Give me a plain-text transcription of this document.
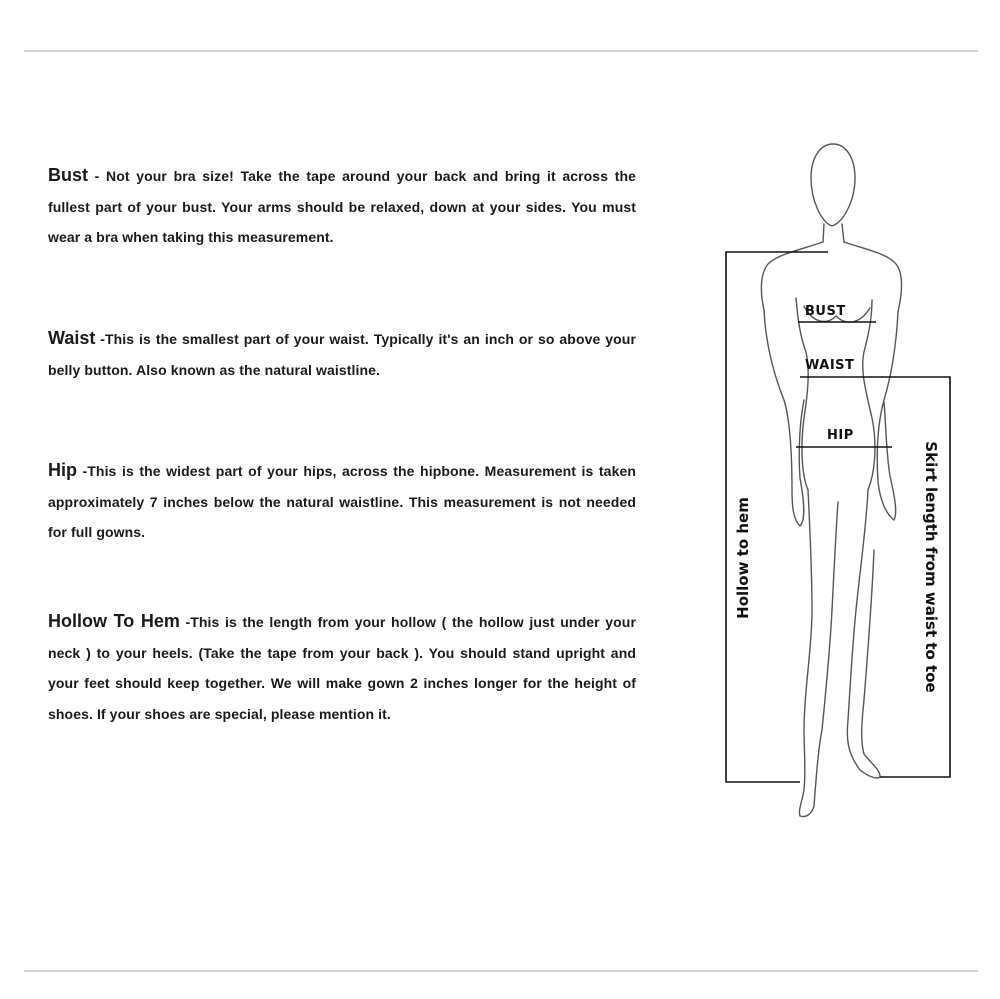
Bust - Not your bra size! Take the tape around your back and bring it across the fullest part of your bust. Your arms should be relaxed, down at your sides. You must wear a bra when taking this measurement.

Waist -This is the smallest part of your waist. Typically it's an inch or so above your belly button. Also known as the natural waistline.

Hip -This is the widest part of your hips, across the hipbone. Measurement is taken approximately 7 inches below the natural waistline. This measurement is not needed for full gowns.

Hollow To Hem -This is the length from your hollow ( the hollow just under your neck ) to your heels. (Take the tape from your back ). You should stand upright and your feet should keep together. We will make gown 2 inches longer for the height of shoes. If your shoes are special, please mention it.

BUST
WAIST
HIP
Hollow to hem	Skirt length from waist to toe
